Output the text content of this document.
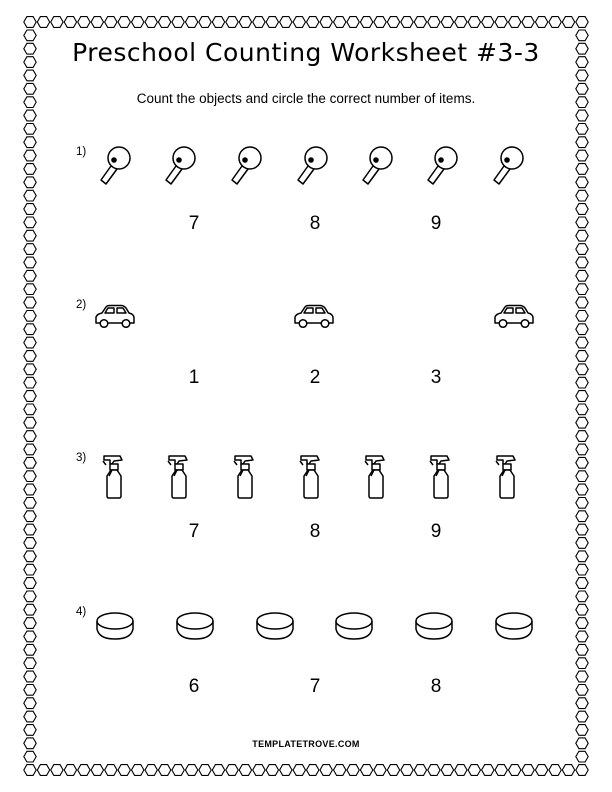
Preschool Counting Worksheet #3-3
Count the objects and circle the correct number of items.
1)
7	8	9
2)
1	2	3
3)
7	8	9
4)
6	7	8
TEMPLATETROVE.COM
